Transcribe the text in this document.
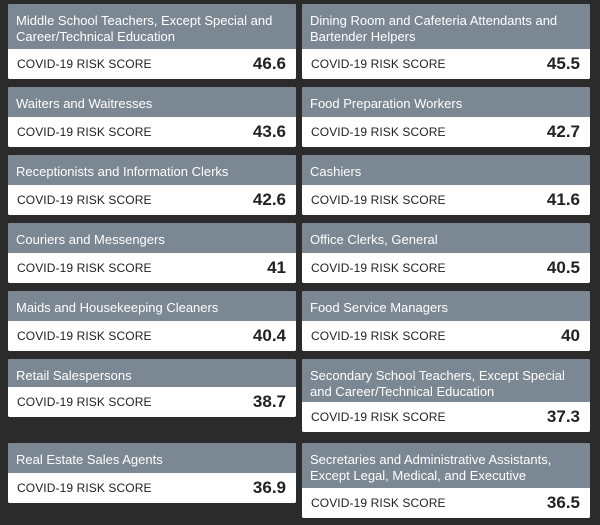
Middle School Teachers, Except Special and Career/Technical Education
COVID-19 RISK SCORE	46.6
Dining Room and Cafeteria Attendants and Bartender Helpers
COVID-19 RISK SCORE	45.5
Waiters and Waitresses
COVID-19 RISK SCORE	43.6
Food Preparation Workers
COVID-19 RISK SCORE	42.7
Receptionists and Information Clerks
COVID-19 RISK SCORE	42.6
Cashiers
COVID-19 RISK SCORE	41.6
Couriers and Messengers
COVID-19 RISK SCORE	41
Office Clerks, General
COVID-19 RISK SCORE	40.5
Maids and Housekeeping Cleaners
COVID-19 RISK SCORE	40.4
Food Service Managers
COVID-19 RISK SCORE	40
Retail Salespersons
COVID-19 RISK SCORE	38.7
Secondary School Teachers, Except Special and Career/Technical Education
COVID-19 RISK SCORE	37.3
Real Estate Sales Agents
COVID-19 RISK SCORE	36.9
Secretaries and Administrative Assistants, Except Legal, Medical, and Executive
COVID-19 RISK SCORE	36.5
